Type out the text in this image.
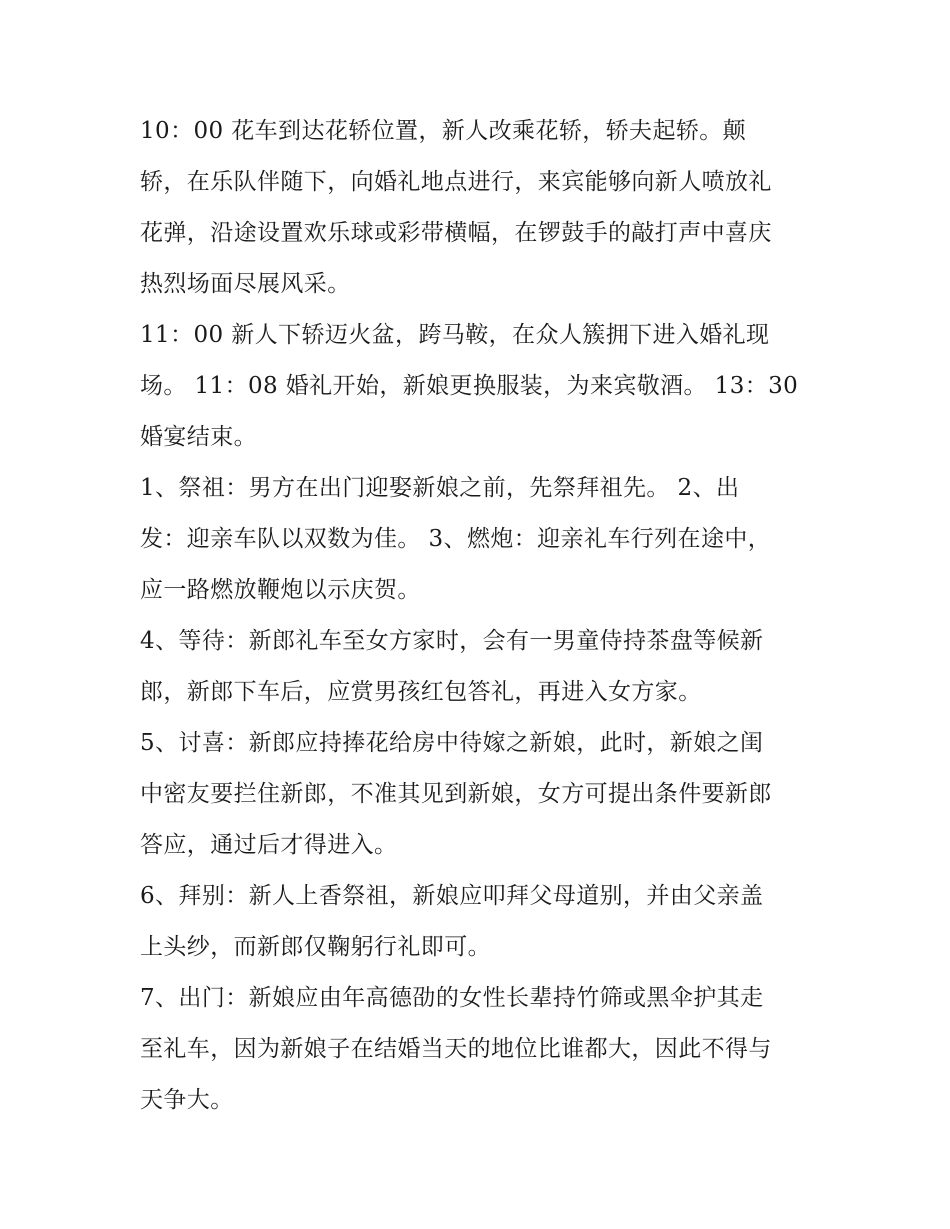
10：00 花车到达花轿位置，新人改乘花轿，轿夫起轿。颠
轿，在乐队伴随下，向婚礼地点进行，来宾能够向新人喷放礼
花弹，沿途设置欢乐球或彩带横幅，在锣鼓手的敲打声中喜庆
热烈场面尽展风采。
11：00 新人下轿迈火盆，跨马鞍，在众人簇拥下进入婚礼现
场。 11：08 婚礼开始，新娘更换服装，为来宾敬酒。 13：30
婚宴结束。
1、祭祖：男方在出门迎娶新娘之前，先祭拜祖先。 2、出
发：迎亲车队以双数为佳。 3、燃炮：迎亲礼车行列在途中，
应一路燃放鞭炮以示庆贺。
4、等待：新郎礼车至女方家时，会有一男童侍持茶盘等候新
郎，新郎下车后，应赏男孩红包答礼，再进入女方家。
5、讨喜：新郎应持捧花给房中待嫁之新娘，此时，新娘之闺
中密友要拦住新郎，不准其见到新娘，女方可提出条件要新郎
答应，通过后才得进入。
6、拜别：新人上香祭祖，新娘应叩拜父母道别，并由父亲盖
上头纱，而新郎仅鞠躬行礼即可。
7、出门：新娘应由年高德劭的女性长辈持竹筛或黑伞护其走
至礼车，因为新娘子在结婚当天的地位比谁都大，因此不得与
天争大。
